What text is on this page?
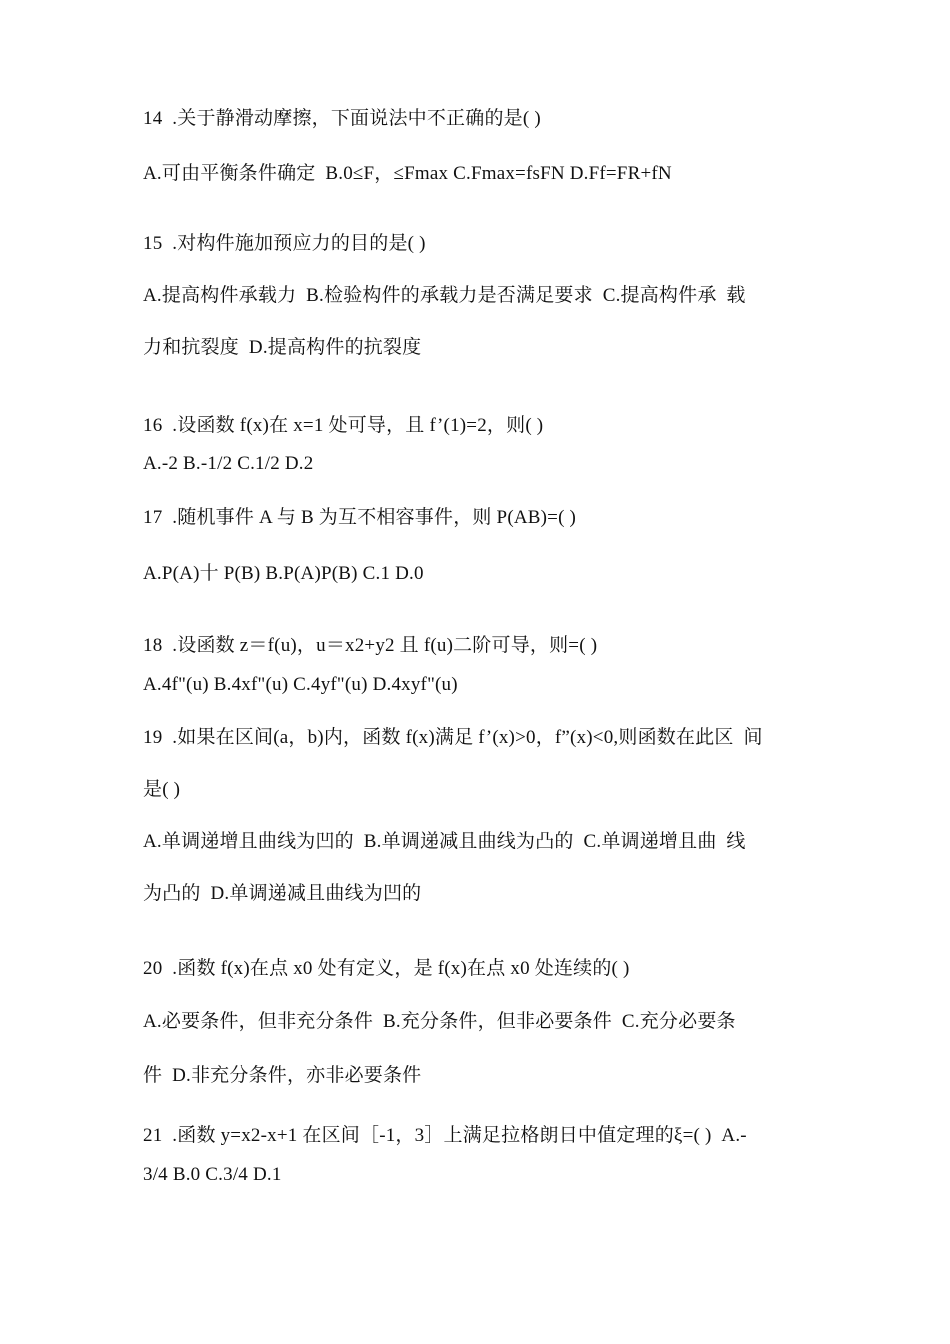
14  .关于静滑动摩擦，下面说法中不正确的是( )
A.可由平衡条件确定  B.0≤F，≤Fmax C.Fmax=fsFN D.Ff=FR+fN
15  .对构件施加预应力的目的是( )
A.提高构件承载力  B.检验构件的承载力是否满足要求  C.提高构件承  载
力和抗裂度  D.提高构件的抗裂度
16  .设函数 f(x)在 x=1 处可导，且 f’(1)=2，则( )
A.-2 B.-1/2 C.1/2 D.2
17  .随机事件 A 与 B 为互不相容事件，则 P(AB)=( )
A.P(A)十 P(B) B.P(A)P(B) C.1 D.0
18  .设函数 z＝f(u)，u＝x2+y2 且 f(u)二阶可导，则=( )
A.4f"(u) B.4xf"(u) C.4yf"(u) D.4xyf"(u)
19  .如果在区间(a，b)内，函数 f(x)满足 f’(x)>0，f”(x)<0,则函数在此区  间
是( )
A.单调递增且曲线为凹的  B.单调递减且曲线为凸的  C.单调递增且曲  线
为凸的  D.单调递减且曲线为凹的
20  .函数 f(x)在点 x0 处有定义，是 f(x)在点 x0 处连续的( )
A.必要条件，但非充分条件  B.充分条件，但非必要条件  C.充分必要条
件  D.非充分条件，亦非必要条件
21  .函数 y=x2-x+1 在区间［-1，3］上满足拉格朗日中值定理的ξ=( )  A.-
3/4 B.0 C.3/4 D.1
